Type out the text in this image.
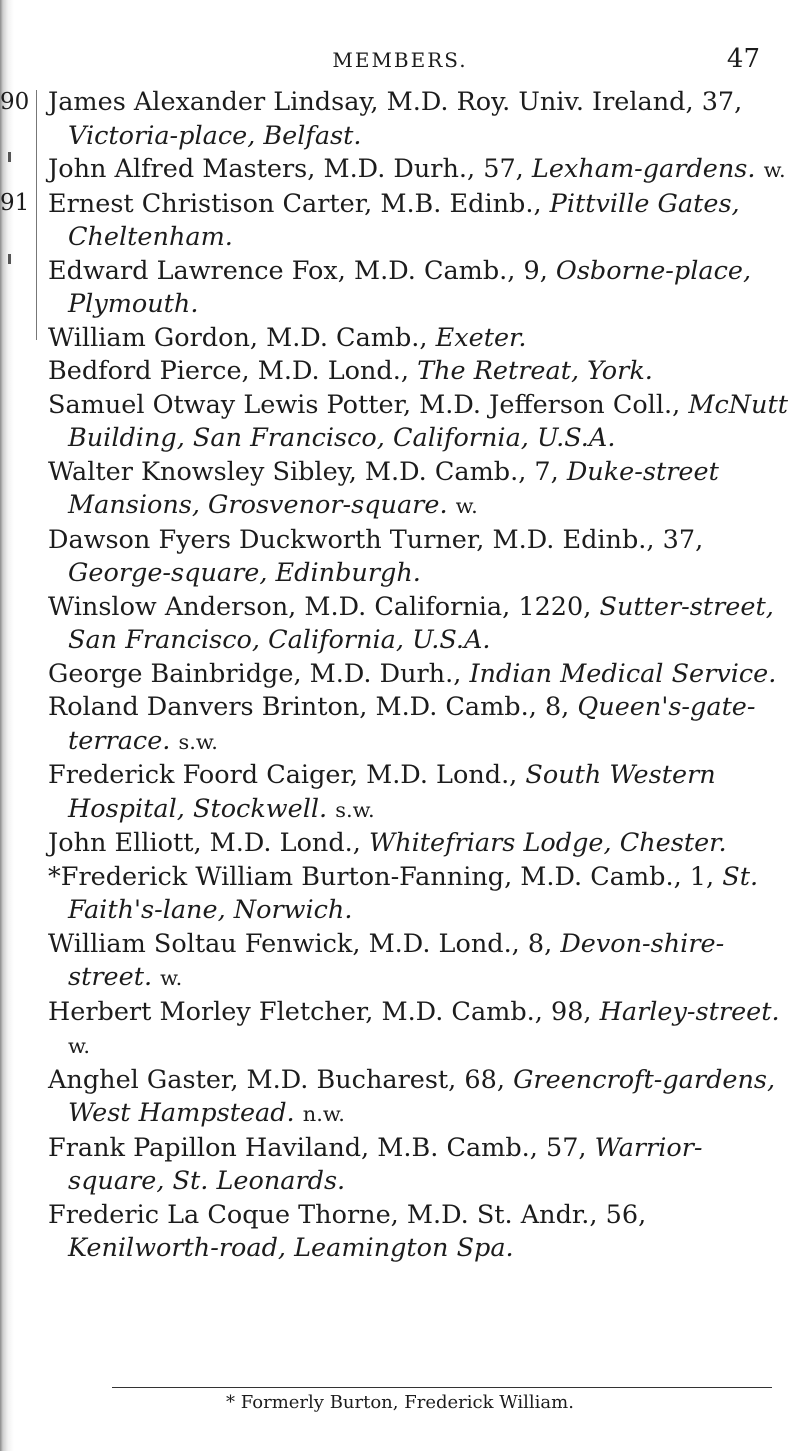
MEMBERS.	47
90
91

James Alexander Lindsay, M.D. Roy. Univ. Ireland, 37, Victoria-place, Belfast.

John Alfred Masters, M.D. Durh., 57, Lexham-gardens. w.

Ernest Christison Carter, M.B. Edinb., Pittville Gates, Cheltenham.

Edward Lawrence Fox, M.D. Camb., 9, Osborne-place, Plymouth.

William Gordon, M.D. Camb., Exeter.

Bedford Pierce, M.D. Lond., The Retreat, York.

Samuel Otway Lewis Potter, M.D. Jefferson Coll., McNutt Building, San Francisco, California, U.S.A.

Walter Knowsley Sibley, M.D. Camb., 7, Duke-street Mansions, Grosvenor-square. w.

Dawson Fyers Duckworth Turner, M.D. Edinb., 37, George-square, Edinburgh.

Winslow Anderson, M.D. California, 1220, Sutter-street, San Francisco, California, U.S.A.

George Bainbridge, M.D. Durh., Indian Medical Service.

Roland Danvers Brinton, M.D. Camb., 8, Queen's-gate-terrace. s.w.

Frederick Foord Caiger, M.D. Lond., South Western Hospital, Stockwell. s.w.

John Elliott, M.D. Lond., Whitefriars Lodge, Chester.

*Frederick William Burton-Fanning, M.D. Camb., 1, St. Faith's-lane, Norwich.

William Soltau Fenwick, M.D. Lond., 8, Devon-shire-street. w.

Herbert Morley Fletcher, M.D. Camb., 98, Harley-street. w.

Anghel Gaster, M.D. Bucharest, 68, Greencroft-gardens, West Hampstead. n.w.

Frank Papillon Haviland, M.B. Camb., 57, Warrior-square, St. Leonards.

Frederic La Coque Thorne, M.D. St. Andr., 56, Kenilworth-road, Leamington Spa.

* Formerly Burton, Frederick William.
